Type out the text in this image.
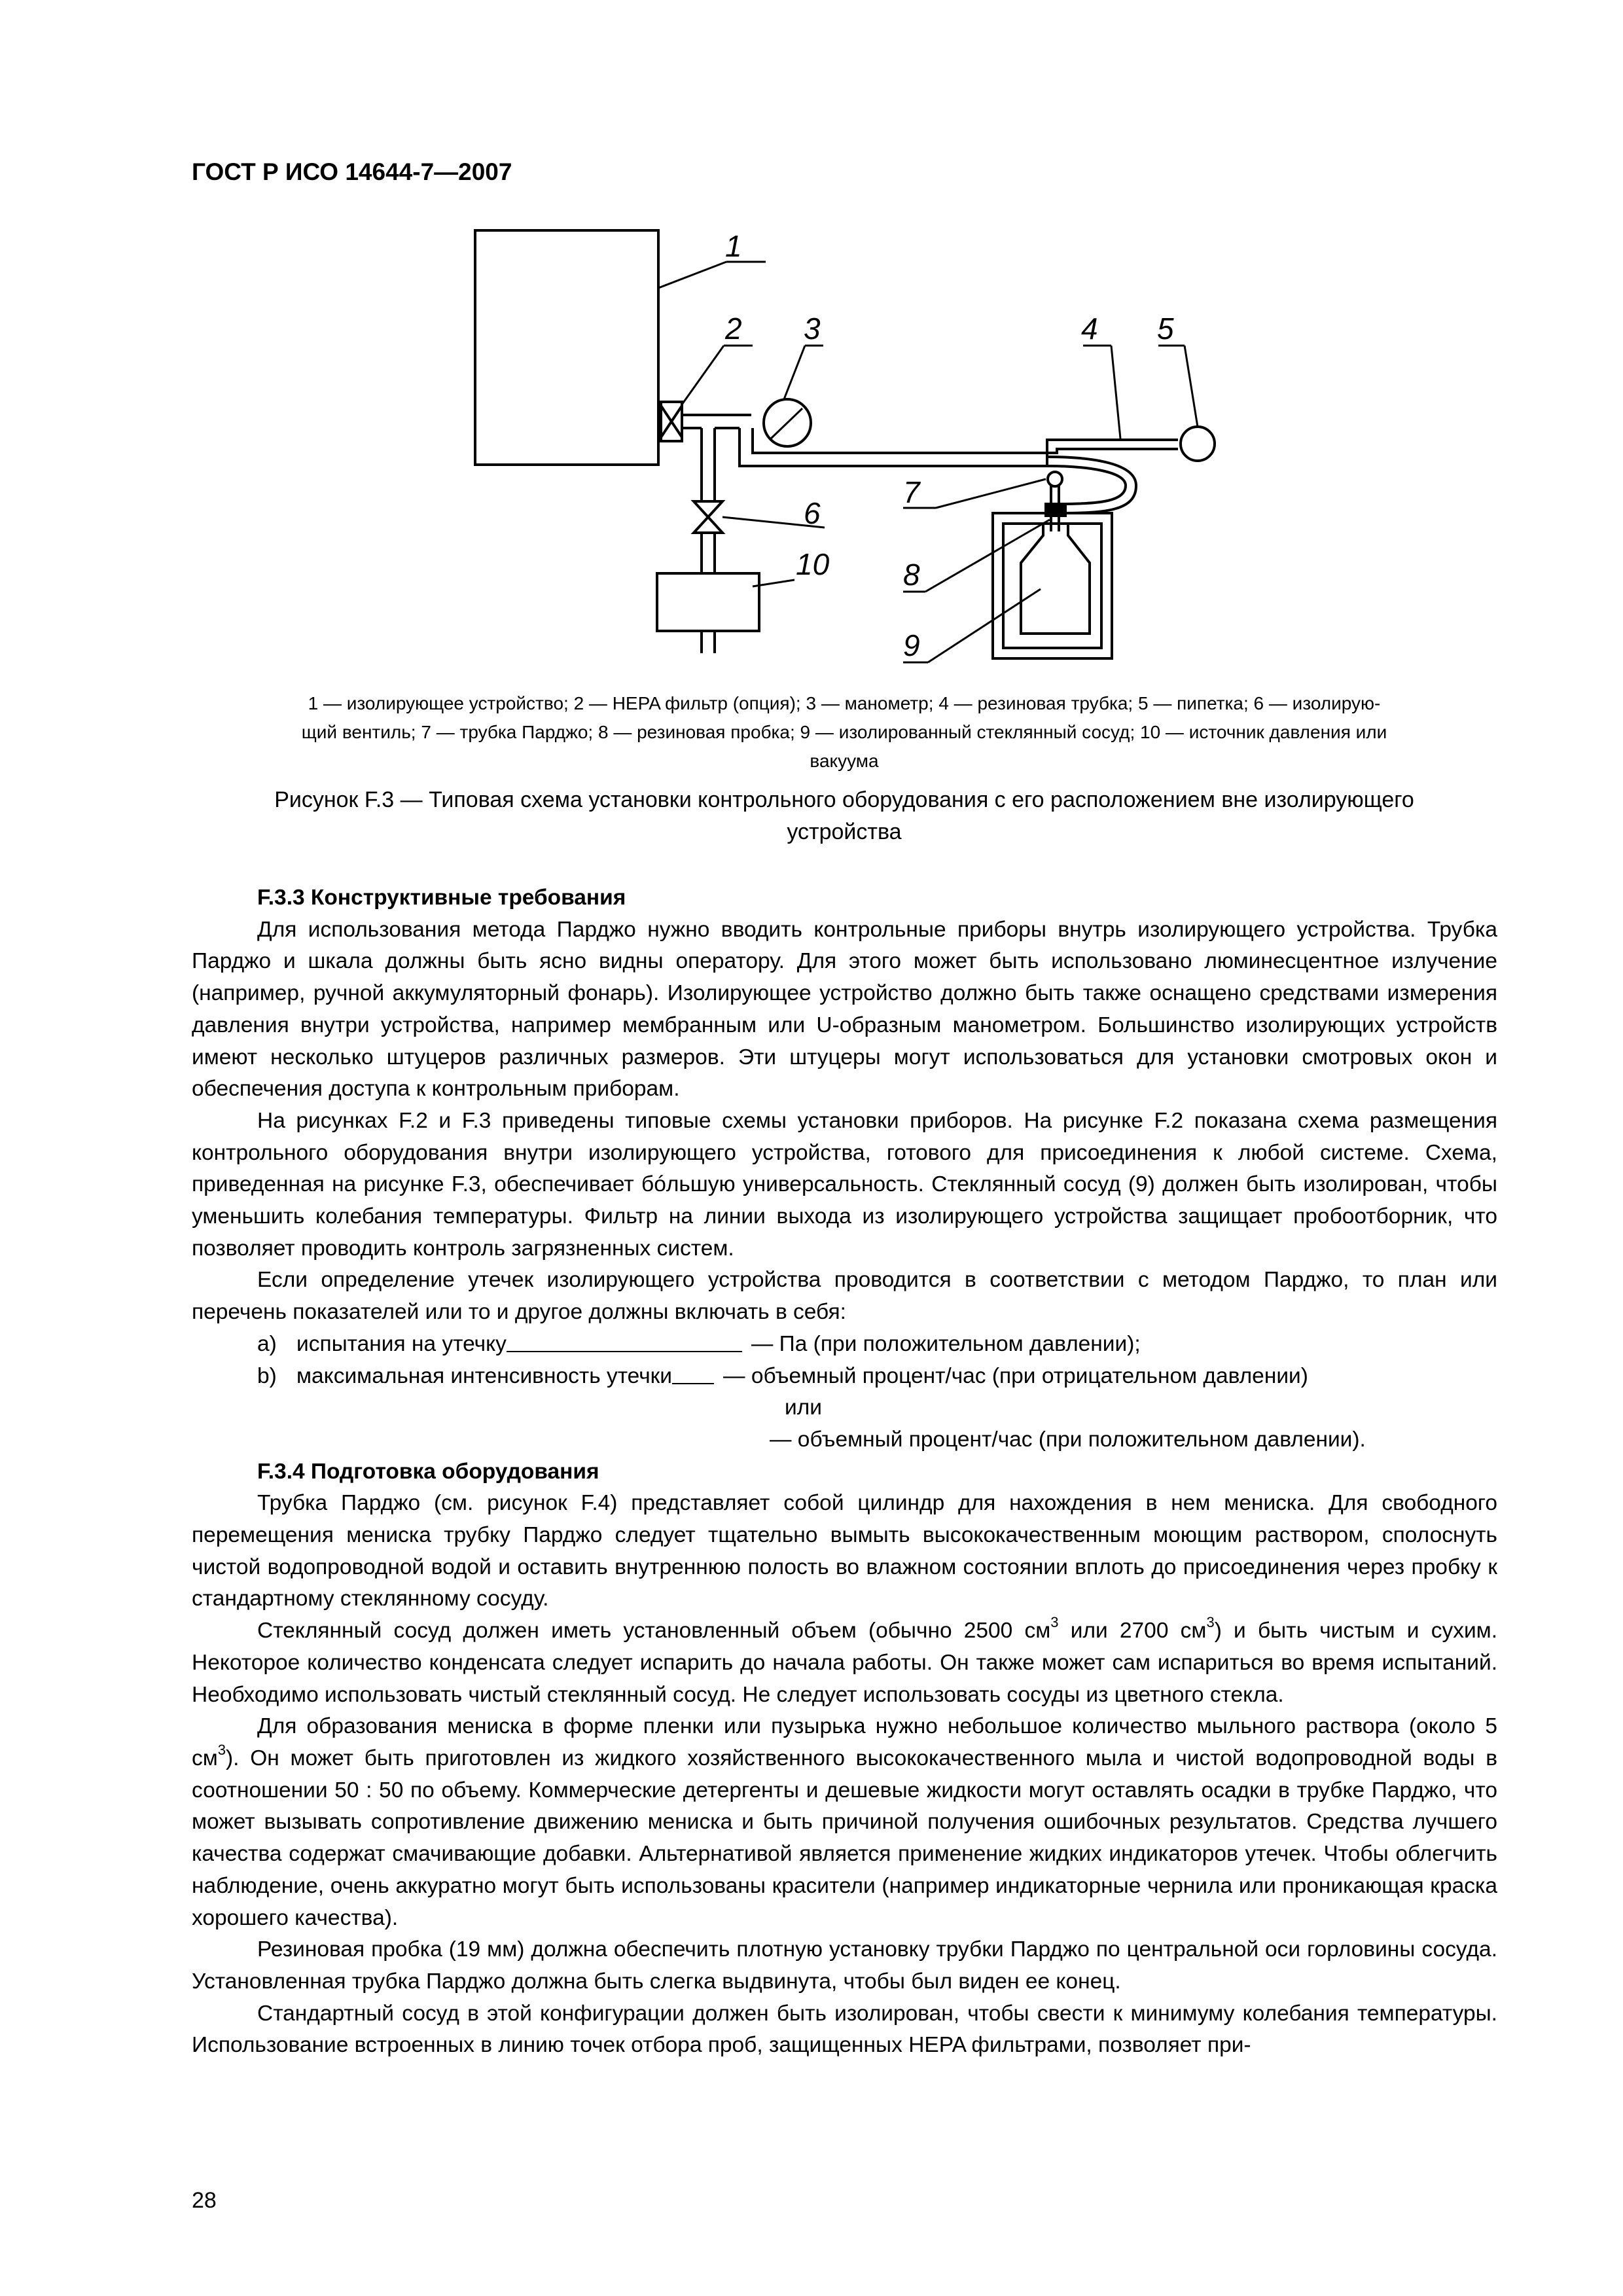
ГОСТ Р ИСО 14644-7—2007
1
2 3	4 5
6
7
8
9
10
1 — изолирующее устройство; 2 — HEPA фильтр (опция); 3 — манометр; 4 — резиновая трубка; 5 — пипетка; 6 — изолирую-
щий вентиль; 7 — трубка Парджо; 8 — резиновая пробка; 9 — изолированный стеклянный сосуд; 10 — источник давления или
вакуума
Рисунок F.3 — Типовая схема установки контрольного оборудования с его расположением вне изолирующего
устройства
F.3.3 Конструктивные требования

Для использования метода Парджо нужно вводить контрольные приборы внутрь изолирующего устройства. Трубка Парджо и шкала должны быть ясно видны оператору. Для этого может быть использовано люминесцентное излучение (например, ручной аккумуляторный фонарь). Изолирующее устройство должно быть также оснащено средствами измерения давления внутри устройства, например мембранным или U-образным манометром. Большинство изолирующих устройств имеют несколько штуцеров различных размеров. Эти штуцеры могут использоваться для установки смотровых окон и обеспечения доступа к контрольным приборам.

На рисунках F.2 и F.3 приведены типовые схемы установки приборов. На рисунке F.2 показана схема размещения контрольного оборудования внутри изолирующего устройства, готового для присоединения к любой системе. Схема, приведенная на рисунке F.3, обеспечивает бóльшую универсальность. Стеклянный сосуд (9) должен быть изолирован, чтобы уменьшить колебания температуры. Фильтр на линии выхода из изолирующего устройства защищает пробоотборник, что позволяет проводить контроль загрязненных систем.

Если определение утечек изолирующего устройства проводится в соответствии с методом Парджо, то план или перечень показателей или то и другое должны включать в себя:

a) испытания на утечку	— Па (при положительном давлении);
b) максимальная интенсивность утечки — объемный процент/час (при отрицательном давлении)
или
— объемный процент/час (при положительном давлении).
F.3.4 Подготовка оборудования

Трубка Парджо (см. рисунок F.4) представляет собой цилиндр для нахождения в нем мениска. Для свободного перемещения мениска трубку Парджо следует тщательно вымыть высококачественным моющим раствором, сполоснуть чистой водопроводной водой и оставить внутреннюю полость во влажном состоянии вплоть до присоединения через пробку к стандартному стеклянному сосуду.

Стеклянный сосуд должен иметь установленный объем (обычно 2500 $см^3$ или 2700 $см^3$) и быть чистым и сухим. Некоторое количество конденсата следует испарить до начала работы. Он также может сам испариться во время испытаний. Необходимо использовать чистый стеклянный сосуд. Не следует использовать сосуды из цветного стекла.

Для образования мениска в форме пленки или пузырька нужно небольшое количество мыльного раствора (около 5 $см^3$). Он может быть приготовлен из жидкого хозяйственного высококачественного мыла и чистой водопроводной воды в соотношении 50 : 50 по объему. Коммерческие детергенты и дешевые жидкости могут оставлять осадки в трубке Парджо, что может вызывать сопротивление движению мениска и быть причиной получения ошибочных результатов. Средства лучшего качества содержат смачивающие добавки. Альтернативой является применение жидких индикаторов утечек. Чтобы облегчить наблюдение, очень аккуратно могут быть использованы красители (например индикаторные чернила или проникающая краска хорошего качества).

Резиновая пробка (19 мм) должна обеспечить плотную установку трубки Парджо по центральной оси горловины сосуда. Установленная трубка Парджо должна быть слегка выдвинута, чтобы был виден ее конец.

Стандартный сосуд в этой конфигурации должен быть изолирован, чтобы свести к минимуму колебания температуры. Использование встроенных в линию точек отбора проб, защищенных HEPA фильтрами, позволяет при-

28
